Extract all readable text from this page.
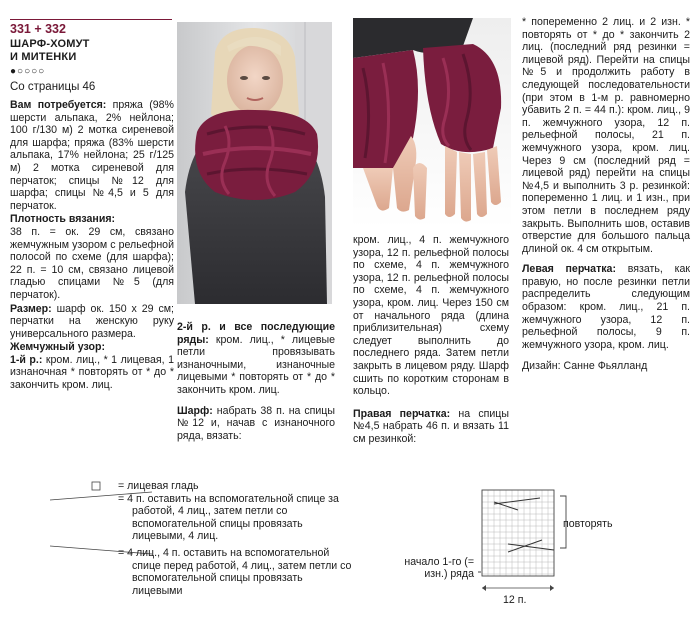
331 + 332

ШАРФ-ХОМУТ

И МИТЕНКИ

●○○○○

Со страницы 46

Вам потребуется: пряжа (98% шерсти альпака, 2% нейлона; 100 г/130 м) 2 мотка сиреневой для шарфа; пряжа (83% шерсти альпака, 17% нейлона; 25 г/125 м) 2 мотка сиреневой для перчаток; спицы №12 для шарфа; спицы №4,5 и 5 для перчаток.

Плотность вязания:

38 п. = ок. 29 см, связано жемчужным узором с рельефной полосой по схеме (для шарфа); 22 п. = 10 см, связано лицевой гладью спицами №5 (для перчаток).

Размер: шарф ок. 150 х 29 см; перчатки на женскую руку универсального размера.

Жемчужный узор:

1-й р.: кром. лиц., * 1 лицевая, 1 изнаночная * повторять от * до * закончить кром. лиц.

2-й р. и все последующие ряды: кром. лиц., * лицевые петли провязывать изнаночными, изнаночные лицевыми * повторять от * до * закончить кром. лиц.

Шарф: набрать 38 п. на спицы №12 и, начав с изнаночного ряда, вязать:

кром. лиц., 4 п. жемчужного узора, 12 п. рельефной полосы по схеме, 4 п. жемчужного узора, 12 п. рельефной полосы по схеме, 4 п. жемчужного узора, кром. лиц. Через 150 см от начального ряда (длина приблизительная) схему следует выполнить до последнего ряда. Затем петли закрыть в лицевом ряду. Шарф сшить по коротким сторонам в кольцо.

Правая перчатка: на спицы №4,5 набрать 46 п. и вязать 11 см резинкой:

* попеременно 2 лиц. и 2 изн. * повторять от * до * закончить 2 лиц. (последний ряд резинки = лицевой ряд). Перейти на спицы №5 и продолжить работу в следующей последовательности (при этом в 1-м р. равномерно убавить 2 п. = 44 п.): кром. лиц., 9 п. жемчужного узора, 12 п. рельефной полосы, 21 п. жемчужного узора, кром. лиц. Через 9 см (последний ряд = лицевой ряд) перейти на спицы №4,5 и выполнить 3 р. резинкой: попеременно 1 лиц. и 1 изн., при этом петли в последнем ряду закрыть. Выполнить шов, оставив отверстие для большого пальца длиной ок. 4 см открытым.

Левая перчатка: вязать, как правую, но после резинки петли распределить следующим образом: кром. лиц., 21 п. жемчужного узора, 12 п. рельефной полосы, 9 п. жемчужного узора, кром. лиц.

Дизайн: Санне Фьялланд

= лицевая гладь

= 4 п. оставить на вспомогательной спице за работой, 4 лиц., затем петли со вспомогательной спицы провязать лицевыми, 4 лиц.

= 4 лиц., 4 п. оставить на вспомогательной спице перед работой, 4 лиц., затем петли со вспомогательной спицы провязать лицевыми

повторять
начало 1-го (= изн.) ряда
12 п.
